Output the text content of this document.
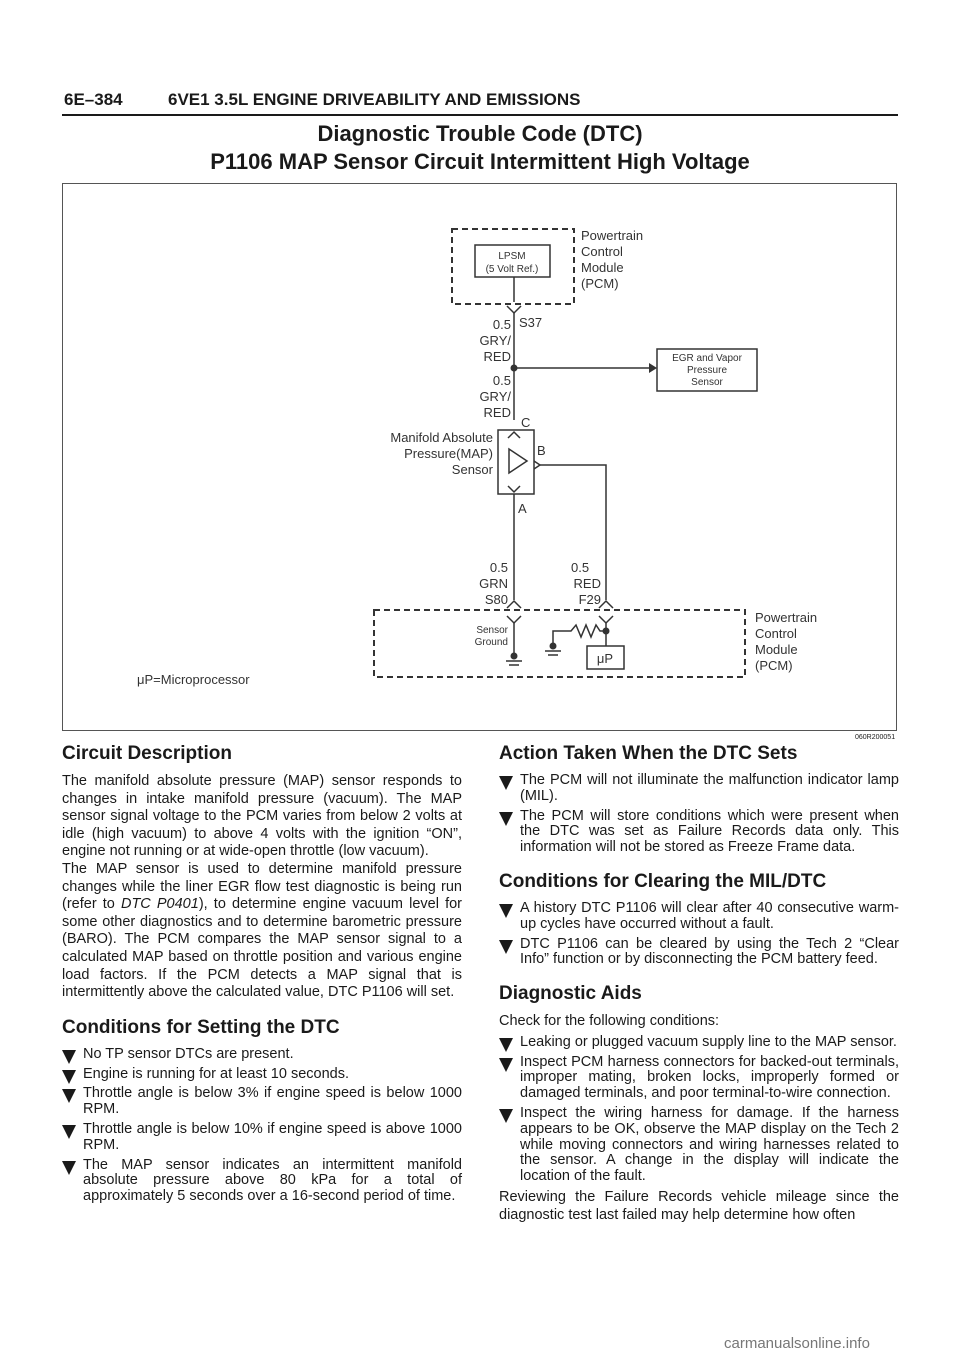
6E–384	6VE1 3.5L ENGINE DRIVEABILITY AND EMISSIONS
Diagnostic Trouble Code (DTC)
P1106 MAP Sensor Circuit Intermittent High Voltage
LPSM
(5 Volt Ref.)
Powertrain
Control
Module
(PCM)
S37
0.5
GRY/
RED	EGR and Vapor
Pressure
Sensor
0.5
GRY/
RED
C
Manifold Absolute
Pressure(MAP)
Sensor
B
A
0.5
GRN
S80
0.5
RED
F29
Sensor
Ground
μP
Powertrain
Control
Module
(PCM)
μP=Microprocessor
060R200051
Circuit Description

The manifold absolute pressure (MAP) sensor responds to changes in intake manifold pressure (vacuum). The MAP sensor signal voltage to the PCM varies from below 2 volts at idle (high vacuum) to above 4 volts with the ignition “ON”, engine not running or at wide-open throttle (low vacuum).

The MAP sensor is used to determine manifold pressure changes while the liner EGR flow test diagnostic is being run (refer to DTC P0401), to determine engine vacuum level for some other diagnostics and to determine barometric pressure (BARO). The PCM compares the MAP sensor signal to a calculated MAP based on throttle position and various engine load factors. If the PCM detects a MAP signal that is intermittently above the calculated value, DTC P1106 will set.

Conditions for Setting the DTC
No TP sensor DTCs are present.
Engine is running for at least 10 seconds.
Throttle angle is below 3% if engine speed is below 1000 RPM.
Throttle angle is below 10% if engine speed is above 1000 RPM.
The MAP sensor indicates an intermittent manifold absolute pressure above 80 kPa for a total of approximately 5 seconds over a 16-second period of time.
Action Taken When the DTC Sets
The PCM will not illuminate the malfunction indicator lamp (MIL).
The PCM will store conditions which were present when the DTC was set as Failure Records data only. This information will not be stored as Freeze Frame data.
Conditions for Clearing the MIL/DTC
A history DTC P1106 will clear after 40 consecutive warm-up cycles have occurred without a fault.
DTC P1106 can be cleared by using the Tech 2 “Clear Info” function or by disconnecting the PCM battery feed.
Diagnostic Aids

Check for the following conditions:

Leaking or plugged vacuum supply line to the MAP sensor.
Inspect PCM harness connectors for backed-out terminals, improper mating, broken locks, improperly formed or damaged terminals, and poor terminal-to-wire connection.
Inspect the wiring harness for damage. If the harness appears to be OK, observe the MAP display on the Tech 2 while moving connectors and wiring harnesses related to the sensor. A change in the display will indicate the location of the fault.

Reviewing the Failure Records vehicle mileage since the diagnostic test last failed may help determine how often

carmanualsonline.info
